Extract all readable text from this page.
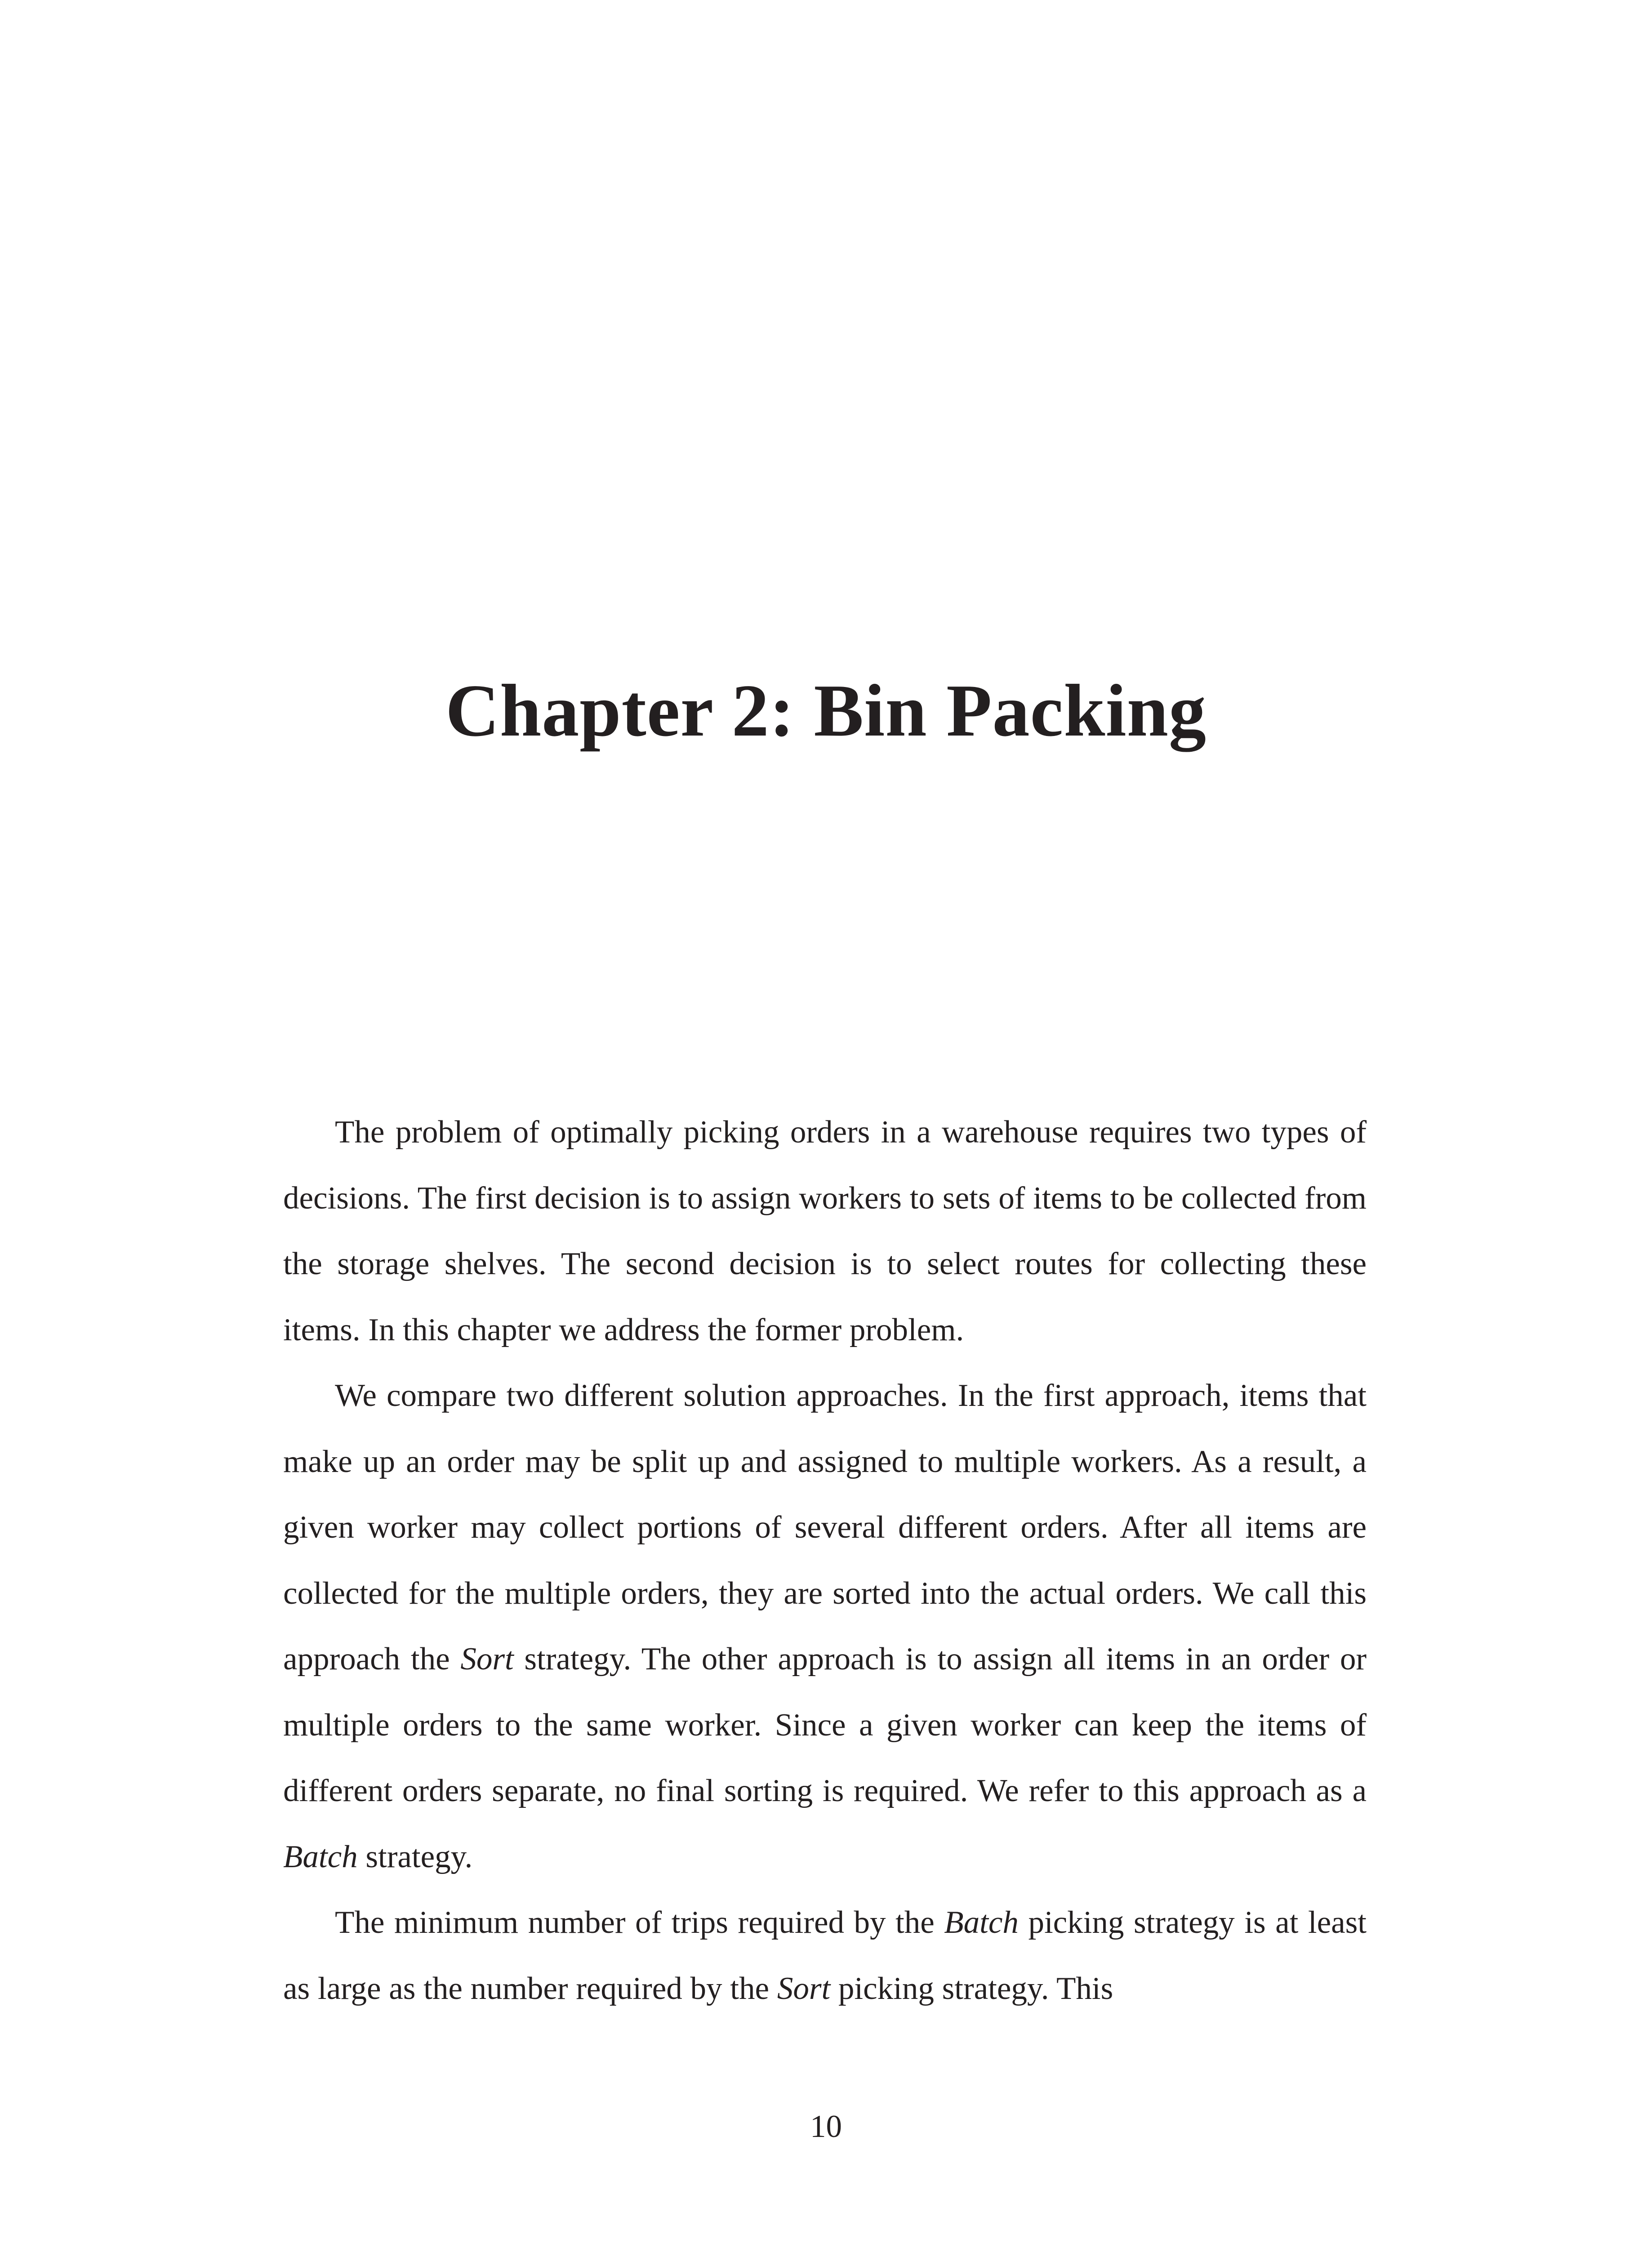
Chapter 2: Bin Packing

The problem of optimally picking orders in a warehouse requires two types of decisions. The first decision is to assign workers to sets of items to be collected from the storage shelves. The second decision is to select routes for collecting these items. In this chapter we address the former problem.

We compare two different solution approaches. In the first approach, items that make up an order may be split up and assigned to multiple workers. As a result, a given worker may collect portions of several different orders. After all items are collected for the multiple orders, they are sorted into the actual orders. We call this approach the Sort strategy. The other approach is to assign all items in an order or multiple orders to the same worker. Since a given worker can keep the items of different orders separate, no final sorting is required. We refer to this approach as a Batch strategy.

The minimum number of trips required by the Batch picking strategy is at least as large as the number required by the Sort picking strategy. This

10
